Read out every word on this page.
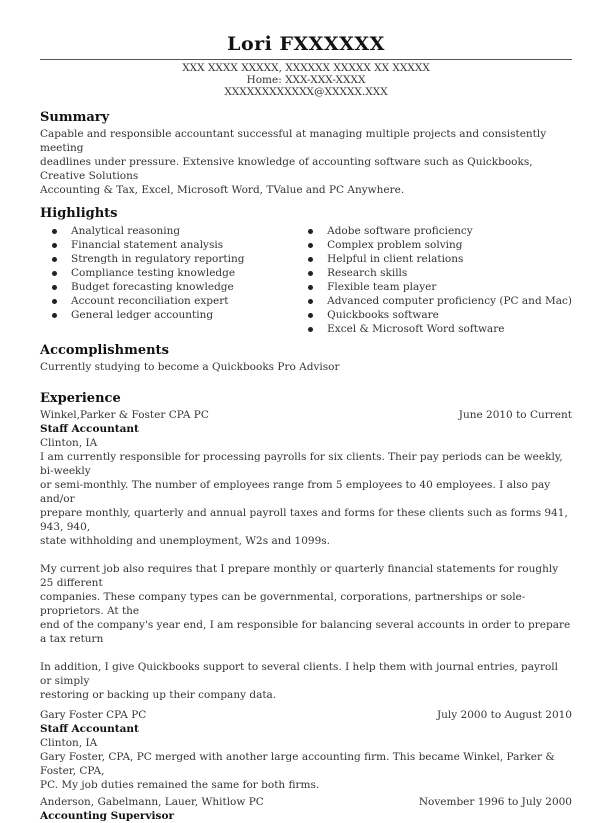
Lori FXXXXXX
XXX XXXX XXXXX, XXXXXX XXXXX XX XXXXX
Home: XXX-XXX-XXXX
XXXXXXXXXXXX@XXXXX.XXX
Summary
Capable and responsible accountant successful at managing multiple projects and consistently meeting
deadlines under pressure. Extensive knowledge of accounting software such as Quickbooks, Creative Solutions
Accounting & Tax, Excel, Microsoft Word, TValue and PC Anywhere.
Highlights
Analytical reasoning
Financial statement analysis
Strength in regulatory reporting
Compliance testing knowledge
Budget forecasting knowledge
Account reconciliation expert
General ledger accounting
Adobe software proficiency
Complex problem solving
Helpful in client relations
Research skills
Flexible team player
Advanced computer proficiency (PC and Mac)
Quickbooks software
Excel & Microsoft Word software
Accomplishments
Currently studying to become a Quickbooks Pro Advisor
Experience
Winkel,Parker & Foster CPA PC	June 2010 to Current
Staff Accountant
Clinton, IA
I am currently responsible for processing payrolls for six clients. Their pay periods can be weekly, bi-weekly
or semi-monthly. The number of employees range from 5 employees to 40 employees. I also pay and/or
prepare monthly, quarterly and annual payroll taxes and forms for these clients such as forms 941, 943, 940,
state withholding and unemployment, W2s and 1099s.
My current job also requires that I prepare monthly or quarterly financial statements for roughly 25 different
companies. These company types can be governmental, corporations, partnerships or sole-proprietors. At the
end of the company's year end, I am responsible for balancing several accounts in order to prepare a tax return
In addition, I give Quickbooks support to several clients. I help them with journal entries, payroll or simply
restoring or backing up their company data.
Gary Foster CPA PC	July 2000 to August 2010
Staff Accountant
Clinton, IA
Gary Foster, CPA, PC merged with another large accounting firm. This became Winkel, Parker & Foster, CPA,
PC. My job duties remained the same for both firms.
Anderson, Gabelmann, Lauer, Whitlow PC	November 1996 to July 2000
Accounting Supervisor
